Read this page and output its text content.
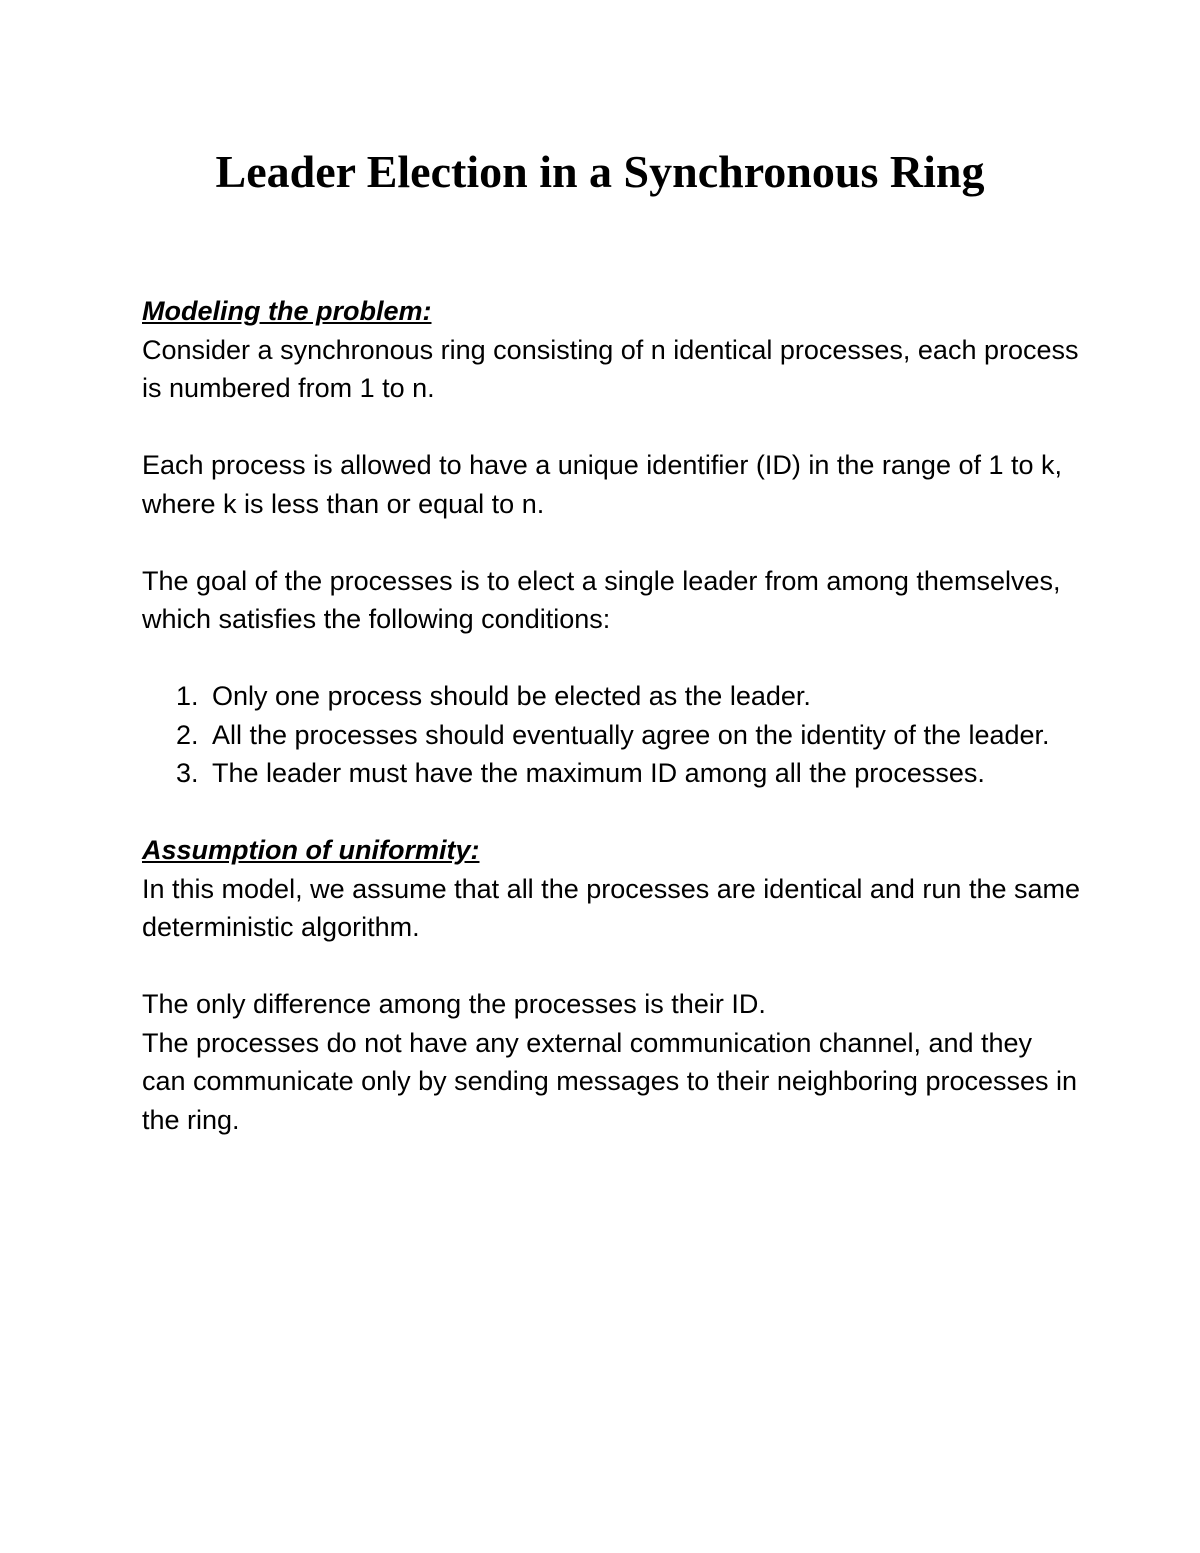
Leader Election in a Synchronous Ring

Modeling the problem:

Consider a synchronous ring consisting of n identical processes, each process is numbered from 1 to n.

Each process is allowed to have a unique identifier (ID) in the range of 1 to k, where k is less than or equal to n.

The goal of the processes is to elect a single leader from among themselves, which satisfies the following conditions:

1. Only one process should be elected as the leader.
2. All the processes should eventually agree on the identity of the leader.
3. The leader must have the maximum ID among all the processes.

Assumption of uniformity:

In this model, we assume that all the processes are identical and run the same deterministic algorithm.

The only difference among the processes is their ID.

The processes do not have any external communication channel, and they can communicate only by sending messages to their neighboring processes in the ring.
